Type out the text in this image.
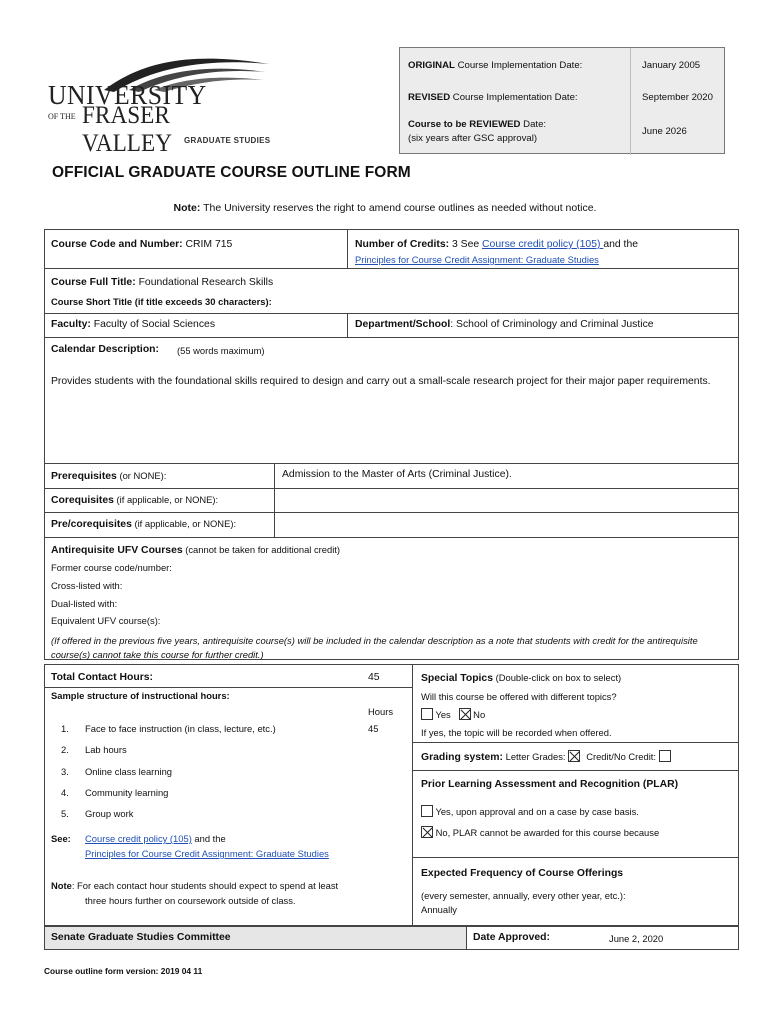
UNIVERSITY
OF THE FRASER VALLEY	GRADUATE STUDIES
ORIGINAL Course Implementation Date:	January 2005
REVISED Course Implementation Date:	September 2020
Course to be REVIEWED Date:
(six years after GSC approval)
June 2026
OFFICIAL GRADUATE COURSE OUTLINE FORM
Note: The University reserves the right to amend course outlines as needed without notice.
Course Code and Number: CRIM 715	Number of Credits: 3 See Course credit policy (105) and the
Principles for Course Credit Assignment: Graduate Studies
Course Full Title: Foundational Research Skills
Course Short Title (if title exceeds 30 characters):
Faculty: Faculty of Social Sciences	Department/School: School of Criminology and Criminal Justice
Calendar Description: (55 words maximum)
Provides students with the foundational skills required to design and carry out a small-scale research project for their major paper requirements.
Prerequisites (or NONE):	Admission to the Master of Arts (Criminal Justice).
Corequisites (if applicable, or NONE):
Pre/corequisites (if applicable, or NONE):
Antirequisite UFV Courses (cannot be taken for additional credit)
Former course code/number:
Cross-listed with:
Dual-listed with:
Equivalent UFV course(s):
(If offered in the previous five years, antirequisite course(s) will be included in the calendar description as a note that students with credit for the antirequisite course(s) cannot take this course for further credit.)
Total Contact Hours:	45
Sample structure of instructional hours:
Hours
1. Face to face instruction (in class, lecture, etc.)	45
2. Lab hours
3. Online class learning
4. Community learning
5. Group work
See: Course credit policy (105) and the
Principles for Course Credit Assignment: Graduate Studies
Note: For each contact hour students should expect to spend at least
three hours further on coursework outside of class.
Special Topics (Double-click on box to select)
Will this course be offered with different topics?
Yes No
If yes, the topic will be recorded when offered.
Grading system: Letter Grades: Credit/No Credit:
Prior Learning Assessment and Recognition (PLAR)
Yes, upon approval and on a case by case basis.
No, PLAR cannot be awarded for this course because
Expected Frequency of Course Offerings
(every semester, annually, every other year, etc.):
Annually
Senate Graduate Studies Committee	Date Approved:	June 2, 2020
Course outline form version: 2019 04 11
